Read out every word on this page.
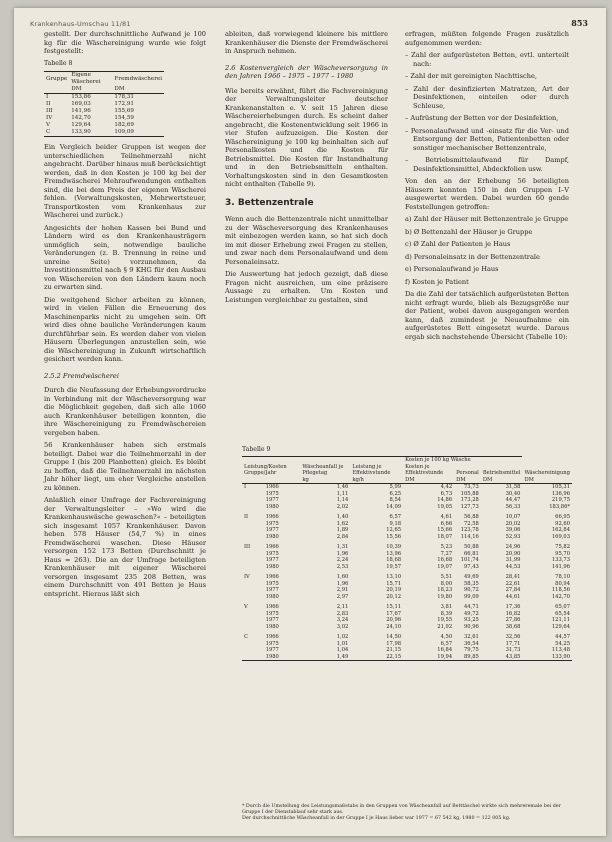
Krankenhaus-Umschau 11/81	853

gestellt. Der durchschnittliche Aufwand je 100 kg für die Wäschereinigung wurde wie folgt festgestellt:

Tabelle 8
Gruppe	Eigene Wäscherei	Fremdwäscherei
	DM	DM
I	153,86	178,31
II	169,03	172,91
III	141,96	155,69
IV	142,70	154,59
V	129,64	182,69
C	133,90	109,09

Ein Vergleich beider Gruppen ist wegen der unterschiedlichen Teilnehmerzahl nicht angebracht. Darüber hinaus muß berücksichtigt werden, daß in den Kosten je 100 kg bei der Fremdwäscherei Mehraufwendungen enthalten sind, die bei dem Preis der eigenen Wäscherei fehlen. (Verwaltungskosten, Mehrwertsteuer, Transportkosten vom Krankenhaus zur Wäscherei und zurück.)

Angesichts der hohen Kassen bei Bund und Ländern wird es den Krankenhausträgern unmöglich sein, notwendige bauliche Veränderungen (z. B. Trennung in reine und unreine Seite) vorzunehmen, da Investitionsmittel nach § 9 KHG für den Ausbau von Wäschereien von den Ländern kaum noch zu erwarten sind.

Die weitgehend Sicher arbeiten zu können, wird in vielen Fällen die Erneuerung des Maschinenparks nicht zu umgehen sein. Oft wird dies ohne bauliche Veränderungen kaum durchführbar sein. Es werden daher von vielen Häusern Überlegungen anzustellen sein, wie die Wäschereinigung in Zukunft wirtschaftlich gesichert werden kann.

2.5.2 Fremdwäscherei

Durch die Neufassung der Erhebungsvordrucke in Verbindung mit der Wäscheversorgung war die Möglichkeit gegeben, daß sich alle 1060 auch Krankenhäuser beteiligen konnten, die ihre Wäschereinigung zu Fremdwäschereien vergeben haben.

56 Krankenhäuser haben sich erstmals beteiligt. Dabei war die Teilnehmerzahl in der Gruppe I (bis 200 Planbetten) gleich. Es bleibt zu hoffen, daß die Teilnehmerzahl im nächsten Jahr höher liegt, um eher Vergleiche anstellen zu können.

Anlaßlich einer Umfrage der Fachvereinigung der Verwaltungsleiter – »Wo wird die Krankenhauswäsche gewaschen?« – beteiligten sich insgesamt 1057 Krankenhäuser. Davon heben 578 Häuser (54,7 %) in eines Fremdwäscherei waschen. Diese Häuser versorgen 152 173 Betten (Durchschnitt je Haus = 263). Die an der Umfrage beteiligten Krankenhäuser mit eigener Wäscherei versorgen insgesamt 235 208 Betten, was einem Durchschnitt von 491 Betten je Haus entspricht. Hieraus läßt sich

ableiten, daß vorwiegend kleinere bis mittlere Krankenhäuser die Dienste der Fremdwäscherei in Anspruch nehmen.

2.6 Kostenvergleich der Wäscheversorgung in den Jahren 1966 – 1975 – 1977 – 1980

Wie bereits erwähnt, führt die Fachvereinigung der Verwaltungsleiter deutscher Krankenanstalten e. V. seit 15 Jahren diese Wäschereierhebungen durch. Es scheint daher angebracht, die Kostenentwicklung seit 1966 in vier Stufen aufzuzeigen. Die Kosten der Wäschereinigung je 100 kg beinhalten sich auf Personalkosten und die Kosten für Betriebsmittel. Die Kosten für Instandhaltung und in den Betriebsmitteln enthalten. Vorhaltungskosten sind in den Gesamtkosten nicht enthalten (Tabelle 9).

3. Bettenzentrale

Wenn auch die Bettenzentrale nicht unmittelbar zu der Wäscheversorgung des Krankenhauses mit einbezogen werden kann, so hat sich doch im mit dieser Erhebung zwei Fragen zu stellen, und zwar nach dem Personalaufwand und dem Personaleinsatz.

Die Auswertung hat jedoch gezeigt, daß diese Fragen nicht ausreichen, um eine präzisere Aussage zu erhalten. Um Kosten und Leistungen vergleichbar zu gestalten, sind

erfragen, müßten folgende Fragen zusätzlich aufgenommen werden:

– Zahl der aufgerüsteten Betten, evtl. unterteilt nach:

– Zahl der mit gereinigten Nachttische,

– Zahl der desinfizierten Matratzen, Art der Desinfektionen, einteilen oder durch Schleuse,

– Aufrüstung der Betten vor der Desinfektion,

– Personalaufwand und -einsatz für die Ver- und Entsorgung der Betten, Patientenbetten oder sonstiger mechanischer Bettenzentrale,

– Betriebsmittelaufwand für Dampf, Desinfektionsmittel, Abdeckfolien usw.

Von den an der Erhebung 56 beteiligten Häusern konnten 150 in den Gruppen I–V ausgewertet werden. Dabei wurden 60 gende Feststellungen getroffen:

a) Zahl der Häuser mit Bettenzentrale je Gruppe

b) Ø Bettenzahl der Häuser je Gruppe

c) Ø Zahl der Patienten je Haus

d) Personaleinsatz in der Bettenzentrale

e) Personalaufwand je Haus

f) Kosten je Patient

Da die Zahl der tatsächlich aufgerüsteten Betten nicht erfragt wurde, blieb als Bezugsgröße nur der Patient, wobei davon ausgegangen werden kann, daß zumindest je Neuaufnahme ein aufgerüstetes Bett eingesetzt wurde. Daraus ergab sich nachstehende Übersicht (Tabelle 10):

Tabelle 9
				Kosten je 100 kg Wäsche			
Leistung/Kosten Gruppe/Jahr		Wäscheanfall je Pflegetag	Leistung je Effektivstunde	Kosten je Effektivstunde	Personal	Betriebsmittel	Wäschereinigung
		kg	kg/h	DM	DM	DM	DM
I	1966	1,46	5,99	4,42	73,73	31,58	105,31
	1975	1,11	6,25	6,73	105,88	30,40	136,96
	1977	1,14	8,54	14,86	173,28	44,47	219,75
	1980	2,02	14,09	19,05	127,73	56,33	183,86*
II	1966	1,40	6,57	4,61	56,88	10,07	66,95
	1975	1,62	9,18	6,66	72,58	20,02	92,60
	1977	1,89	12,65	15,66	123,78	39,06	162,84
	1980	2,84	15,56	18,07	114,16	52,93	169,03
III	1966	1,31	10,39	5,23	50,88	24,96	75,82
	1975	1,96	13,96	7,27	66,81	20,90	95,70
	1977	2,24	18,68	16,68	101,74	31,99	133,73
	1980	2,53	19,57	19,07	97,43	44,53	141,96
IV	1966	1,60	13,10	5,51	49,69	28,41	78,10
	1975	1,96	15,71	8,00	58,35	22,61	80,94
	1977	2,91	20,19	18,23	90,72	27,84	118,56
	1980	2,97	20,12	19,80	99,09	44,61	142,70
V	1966	2,11	15,11	3,81	44,71	17,36	65,07
	1975	2,83	17,67	8,39	49,72	16,82	65,54
	1977	3,24	20,96	19,55	93,25	27,86	121,11
	1980	3,02	24,10	21,92	90,96	38,68	129,64
C	1966	1,02	14,50	4,50	32,61	32,56	44,57
	1975	1,01	17,98	6,57	36,54	17,71	54,25
	1977	1,04	21,15	16,84	79,75	31,73	113,48
	1980	1,49	22,15	19,94	89,85	43,85	133,90

* Durch die Umstellung des Leistungsmaßstabs in den Gruppen von Wäscheanfall auf Betttäschel wirkte sich mehreremale bei der Gruppe I der Dienstablauf sehr stark aus.

Der durchschnittliche Wäscheanfall in der Gruppe I je Haus lieber war 1977 = 67 542 kg, 1980 = 122 005 kg.
